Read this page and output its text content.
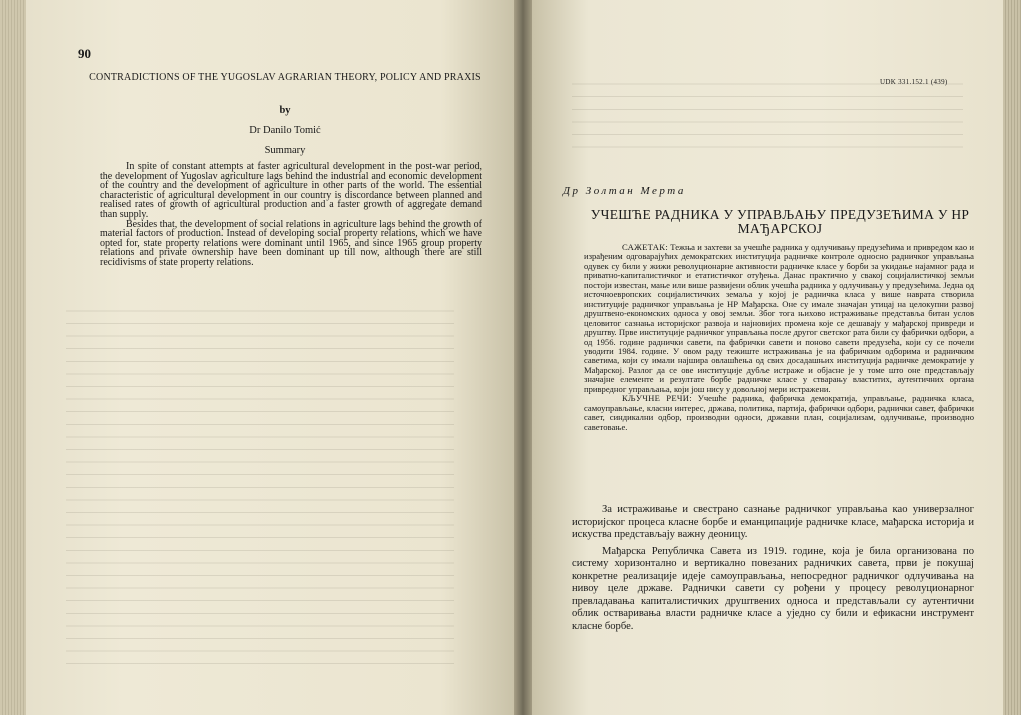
90
CONTRADICTIONS OF THE YUGOSLAV AGRARIAN THEORY, POLICY AND PRAXIS
by
Dr Danilo Tomić
Summary

In spite of constant attempts at faster agricultural development in the post-war period, the development of Yugoslav agriculture lags behind the industrial and economic development of the country and the development of agriculture in other parts of the world. The essential characteristic of agricultural development in our country is discordance between planned and realised rates of growth of agricultural production and a faster growth of aggregate demand than supply.

Besides that, the development of social relations in agriculture lags behind the growth of material factors of production. Instead of developing social property relations, which we have opted for, state property relations were dominant until 1965, and since 1965 group property relations and private ownership have been dominant up till now, although there are still recidivisms of state property relations.

UDK 331.152.1 (439)
Др Золтан Мерта
УЧЕШЋЕ РАДНИКА У УПРАВЉАЊУ ПРЕДУЗЕЋИМА У НР МАЂАРСКОЈ

САЖЕТАК: Тежња и захтеви за учешће радника у одлучивању предузећима и привредом као и израђеним одговарајућих демократских институција радничке контроле односно радничког управљања одувек су били у жижи револуционарне активности радничке класе у борби за укидање најамног рада и приватно-капиталистичког и етатистичког отуђења. Данас практично у свакој социјалистичкој земљи постоји известан, мање или више развијени облик учешћа радника у одлучивању у предузећима. Једна од источноевропских социјалистичких земаља у којој је радничка класа у више наврата створила институције радничког управљања је НР Мађарска. Оне су имале значајан утицај на целокупни развој друштвено-економских односа у овој земљи. Због тога њихово истраживање представља битан услов целовитог сазнања историјског развоја и најновијих промена које се дешавају у мађарској привреди и друштву. Прве институције радничког управљања после другог светског рата били су фабрички одбори, а од 1956. године раднички савети, па фабрички савети и поново савети предузећа, који су се почели уводити 1984. године. У овом раду тежиште истраживања је на фабричким одборима и радничким саветима, који су имали најшира овлашћења од свих досадашњих институција радничке демократије у Мађарској. Разлог да се ове институције дубље истраже и објасне је у томе што оне представљају значајне елементе и резултате борбе радничке класе у стварању властитих, аутентичних органа привредног управљања, који још нису у довољној мери истражени.

КЉУЧНЕ РЕЧИ: Учешће радника, фабричка демократија, управљање, радничка класа, самоуправљање, класни интерес, држава, политика, партија, фабрички одбори, раднички савет, фабрички савет, синдикални одбор, производни односи, државни план, социјализам, одлучивање, производно саветовање.

За истраживање и свестрано сазнање радничког управљања као универзалног историјског процеса класне борбе и еманципације радничке класе, мађарска историја и искуства представљају важну деоницу.

Мађарска Републичка Савета из 1919. године, која је била организована по систему хоризонтално и вертикално повезаних радничких савета, први је покушај конкретне реализације идеје самоуправљања, непосредног радничког одлучивања на нивоу целе државе. Раднички савети су рођени у процесу револуционарног превладавања капиталистичких друштвених односа и представљали су аутентични облик остваривања власти радничке класе а уједно су били и ефикасни инструмент класне борбе.
